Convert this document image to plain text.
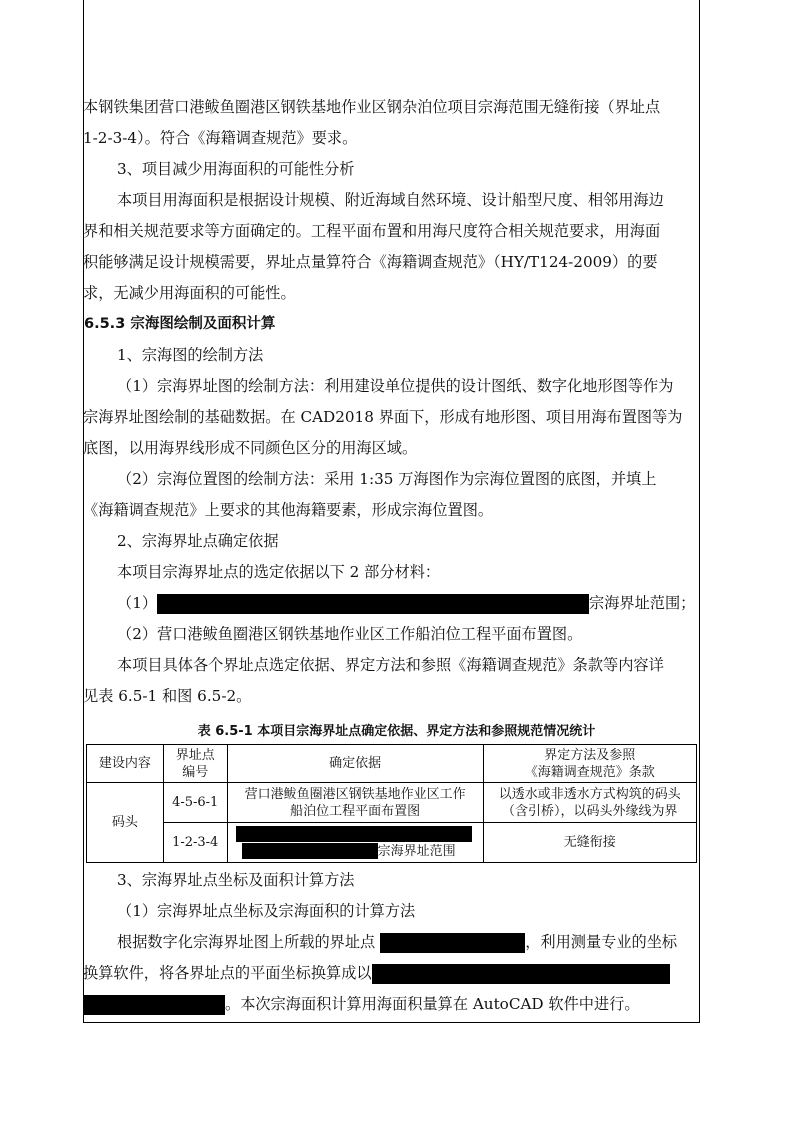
本钢铁集团营口港鲅鱼圈港区钢铁基地作业区钢杂泊位项目宗海范围无缝衔接（界址点
1-2-3-4）。符合《海籍调查规范》要求。
3、项目减少用海面积的可能性分析
本项目用海面积是根据设计规模、附近海域自然环境、设计船型尺度、相邻用海边
界和相关规范要求等方面确定的。工程平面布置和用海尺度符合相关规范要求，用海面
积能够满足设计规模需要，界址点量算符合《海籍调查规范》（HY/T124-2009）的要
求，无减少用海面积的可能性。
6.5.3 宗海图绘制及面积计算
1、宗海图的绘制方法
（1）宗海界址图的绘制方法：利用建设单位提供的设计图纸、数字化地形图等作为
宗海界址图绘制的基础数据。在 CAD2018 界面下，形成有地形图、项目用海布置图等为
底图，以用海界线形成不同颜色区分的用海区域。
（2）宗海位置图的绘制方法：采用 1:35 万海图作为宗海位置图的底图，并填上
《海籍调查规范》上要求的其他海籍要素，形成宗海位置图。
2、宗海界址点确定依据
本项目宗海界址点的选定依据以下 2 部分材料：
（1）	宗海界址范围；
（2）营口港鲅鱼圈港区钢铁基地作业区工作船泊位工程平面布置图。
本项目具体各个界址点选定依据、界定方法和参照《海籍调查规范》条款等内容详
见表 6.5-1 和图 6.5-2。
表 6.5-1 本项目宗海界址点确定依据、界定方法和参照规范情况统计
建设内容	界址点
编号	确定依据	界定方法及参照
《海籍调查规范》条款
码头	4-5-6-1	营口港鲅鱼圈港区钢铁基地作业区工作
船泊位工程平面布置图	以透水或非透水方式构筑的码头
（含引桥），以码头外缘线为界
	1-2-3-4	宗海界址范围	无缝衔接
3、宗海界址点坐标及面积计算方法
（1）宗海界址点坐标及宗海面积的计算方法
根据数字化宗海界址图上所载的界址点	，利用测量专业的坐标
换算软件，将各界址点的平面坐标换算成以
。本次宗海面积计算用海面积量算在 AutoCAD 软件中进行。
